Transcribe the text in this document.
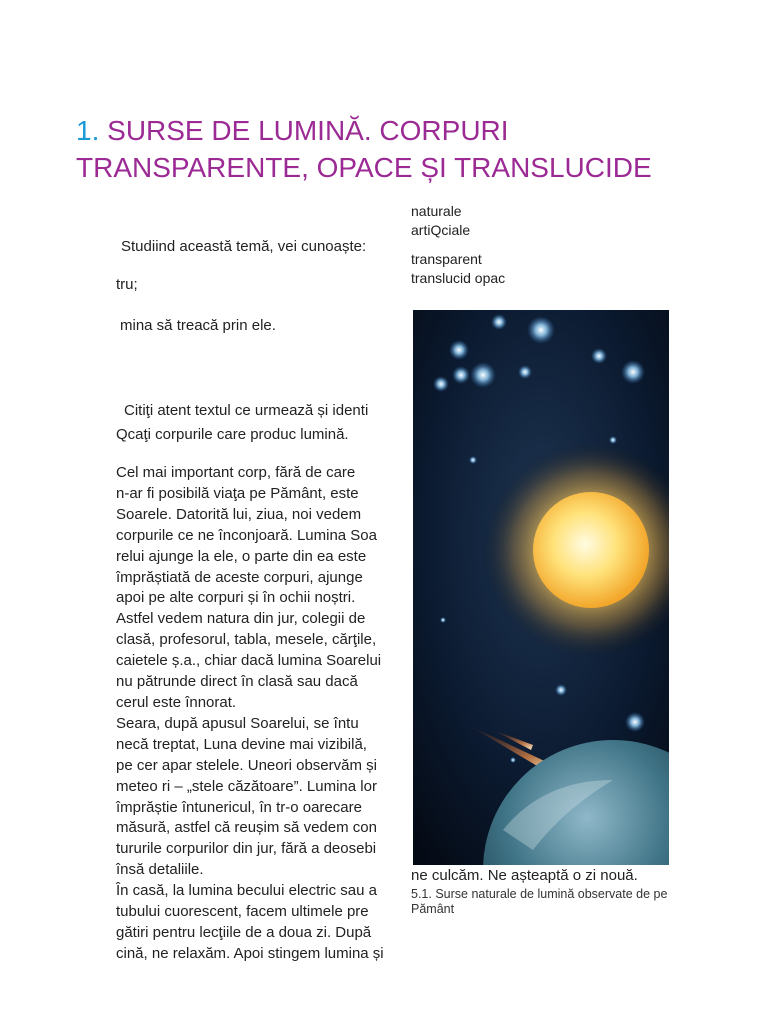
1. SURSE DE LUMINĂ. CORPURI
TRANSPARENTE, OPACE ȘI TRANSLUCIDE
naturale
artiQciale
transparent
translucid opac
Studiind această temă, vei cunoaște:
tru;
mina să treacă prin ele.
Citiţi atent textul ce urmează și identi
Qcaţi corpurile care produc lumină.
Cel mai important corp, fără de care
n-ar fi posibilă viaţa pe Pământ, este
Soarele. Datorită lui, ziua, noi vedem
corpurile ce ne înconjoară. Lumina Soa
relui ajunge la ele, o parte din ea este
împrăștiată de aceste corpuri, ajunge
apoi pe alte corpuri și în ochii noștri.
Astfel vedem natura din jur, colegii de
clasă, profesorul, tabla, mesele, cărţile,
caietele ș.a., chiar dacă lumina Soarelui
nu pătrunde direct în clasă sau dacă
cerul este înnorat.
Seara, după apusul Soarelui, se întu
necă treptat, Luna devine mai vizibilă,
pe cer apar stelele. Uneori observăm și
meteo ri – „stele căzătoare”. Lumina lor
împrăștie întunericul, în tr-o oarecare
măsură, astfel că reușim să vedem con
tururile corpurilor din jur, fără a deosebi
însă detaliile.
În casă, la lumina becului electric sau a
tubului cuorescent, facem ultimele pre
gătiri pentru lecţiile de a doua zi. După
cină, ne relaxăm. Apoi stingem lumina și
ne culcăm. Ne așteaptă o zi nouă.
5.1. Surse naturale de lumină observate de pe
Pământ
